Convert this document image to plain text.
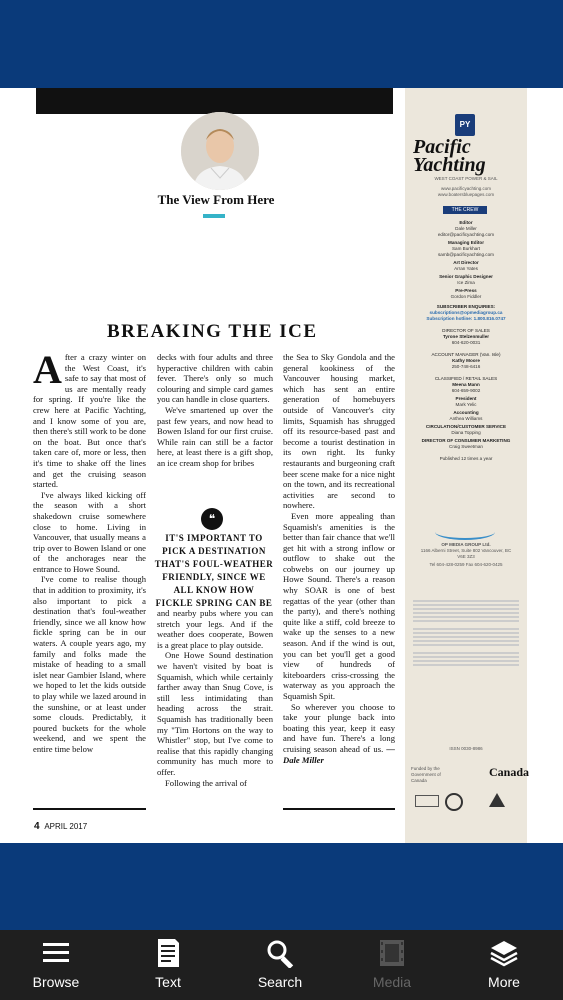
The View From Here
BREAKING THE ICE

After a crazy winter on the West Coast, it's safe to say that most of us are mentally ready for spring. If you're like the crew here at Pacific Yachting, and I know some of you are, then there's still work to be done on the boat. But once that's taken care of, more or less, then it's time to shake off the lines and get the cruising season started.

I've always liked kicking off the season with a short shakedown cruise somewhere close to home. Living in Vancouver, that usually means a trip over to Bowen Island or one of the anchorages near the entrance to Howe Sound.

I've come to realise though that in addition to proximity, it's also important to pick a destination that's foul-weather friendly, since we all know how fickle spring can be in our waters. A couple years ago, my family and folks made the mistake of heading to a small islet near Gambier Island, where we hoped to let the kids outside to play while we lazed around in the sunshine, or at least under some clouds. Predictably, it poured buckets for the whole weekend, and we spent the entire time below

decks with four adults and three hyperactive children with cabin fever. There's only so much colouring and simple card games you can handle in close quarters.

We've smartened up over the past few years, and now head to Bowen Island for our first cruise. While rain can still be a factor here, at least there is a gift shop, an ice cream shop for bribes

❝
IT'S IMPORTANT TO PICK A DESTINATION THAT'S FOUL-WEATHER FRIENDLY, SINCE WE ALL KNOW HOW FICKLE SPRING CAN BE

and nearby pubs where you can stretch your legs. And if the weather does cooperate, Bowen is a great place to play outside.

One Howe Sound destination we haven't visited by boat is Squamish, which while certainly farther away than Snug Cove, is still less intimidating than heading across the strait. Squamish has traditionally been my "Tim Hortons on the way to Whistler" stop, but I've come to realise that this rapidly changing community has much more to offer.

Following the arrival of

the Sea to Sky Gondola and the general kookiness of the Vancouver housing market, which has sent an entire generation of homebuyers outside of Vancouver's city limits, Squamish has shrugged off its resource-based past and become a tourist destination in its own right. Its funky restaurants and burgeoning craft beer scene make for a nice night on the town, and its recreational activities are second to nowhere.

Even more appealing than Squamish's amenities is the better than fair chance that we'll get hit with a strong inflow or outflow to shake out the cobwebs on our journey up Howe Sound. There's a reason why SOAR is one of best regattas of the year (other than the party), and there's nothing quite like a stiff, cold breeze to wake up the senses to a new season. And if the wind is out, you can bet you'll get a good view of hundreds of kiteboarders criss-crossing the waterway as you approach the Squamish Spit.

So wherever you choose to take your plunge back into boating this year, keep it easy and have fun. There's a long cruising season ahead of us. —Dale Miller

4 APRIL 2017
PY
Pacific Yachting
WEST COAST POWER & SAIL
www.pacificyachting.com
www.boatersbluepages.com
THE CREW
Editor
Dale Miller
editor@pacificyachting.com
Managing Editor
Sam Burkhart
samb@pacificyachting.com
Art Director
Arran Yates
Senior Graphic Designer
Ice Zima
Pre-Press
Gordon Fiddler
SUBSCRIBER ENQUIRIES:
subscriptions@opmediagroup.ca
Subscription hotline: 1.800.816.0747
DIRECTOR OF SALES
Tyrone Stelzenmuller
604-620-0031
ACCOUNT MANAGER (Van. Isle)
Kathy Moore
250-748-6416
CLASSIFIED / RETAIL SALES
Meena Mann
604-659-9002
President
Mark Yelic
Accounting
Anthea Williams
CIRCULATION/CUSTOMER SERVICE
Diana Topping
DIRECTOR OF CONSUMER MARKETING
Craig Sweetman
Published 12 times a year
OP MEDIA GROUP Ltd.
1166 Alberni Street, Suite 802 Vancouver, BC V6E 3Z3
Tel 604-428-0259 Fax 604-620-0425
ISSN 0030-8986
Funded by the Government of Canada
Canada
Browse	Text	Search	Media	More
